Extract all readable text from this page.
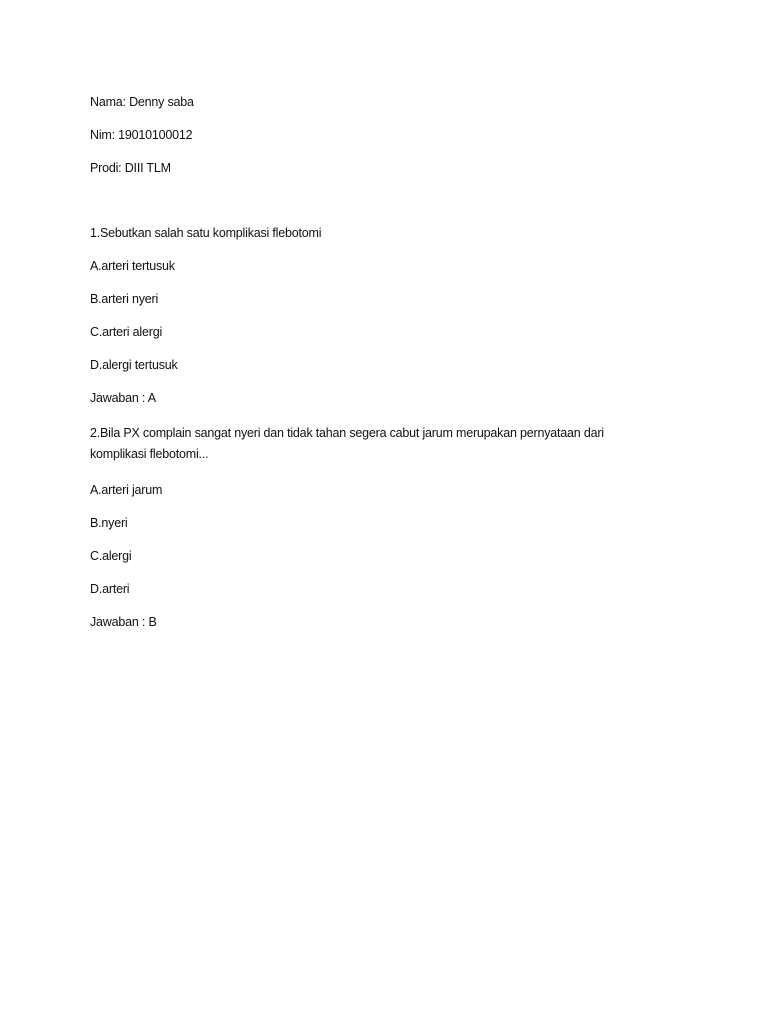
Nama: Denny saba

Nim: 19010100012

Prodi: DIII TLM

1.Sebutkan salah satu komplikasi flebotomi

A.arteri tertusuk

B.arteri nyeri

C.arteri alergi

D.alergi tertusuk

Jawaban : A

2.Bila PX complain sangat nyeri dan tidak tahan segera cabut jarum merupakan pernyataan dari
komplikasi flebotomi...

A.arteri jarum

B.nyeri

C.alergi

D.arteri

Jawaban : B
